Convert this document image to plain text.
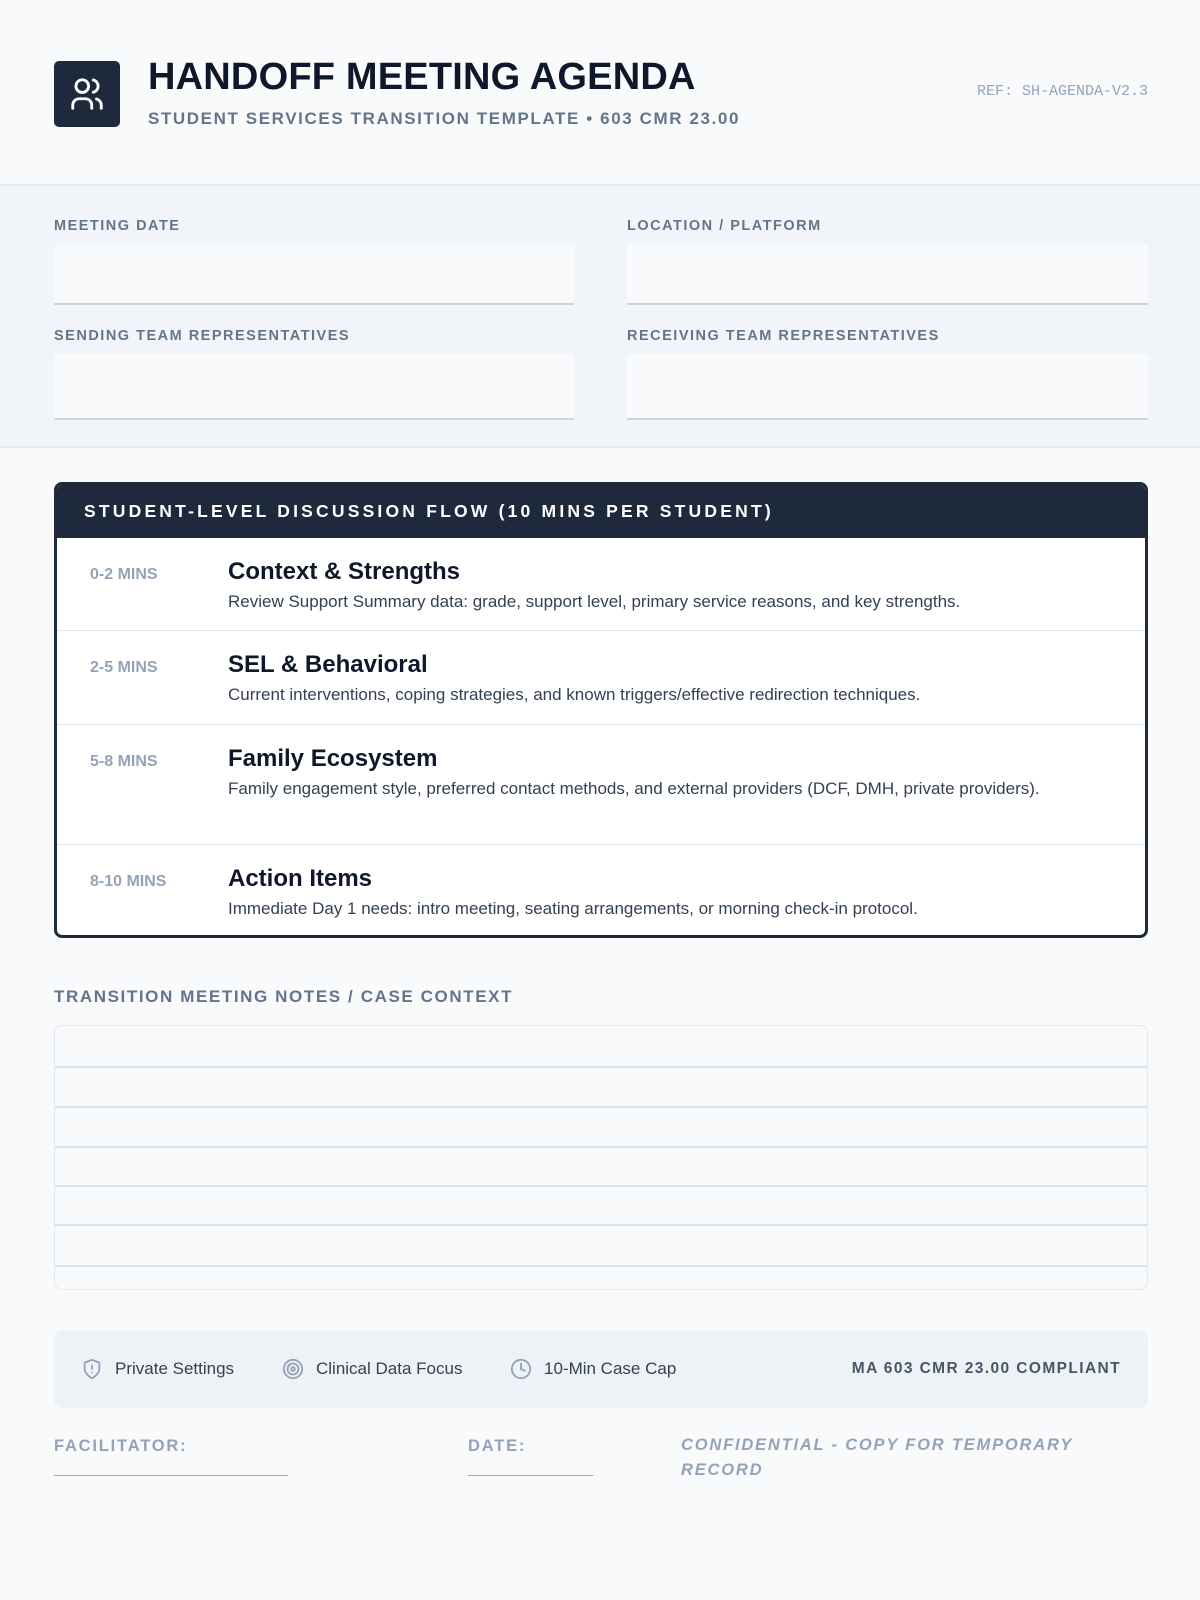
HANDOFF MEETING AGENDA
STUDENT SERVICES TRANSITION TEMPLATE • 603 CMR 23.00
REF: SH-AGENDA-V2.3
MEETING DATE	LOCATION / PLATFORM
SENDING TEAM REPRESENTATIVES	RECEIVING TEAM REPRESENTATIVES
STUDENT-LEVEL DISCUSSION FLOW (10 MINS PER STUDENT)
0-2 MINS	Context & Strengths
Review Support Summary data: grade, support level, primary service reasons, and key strengths.
2-5 MINS	SEL & Behavioral
Current interventions, coping strategies, and known triggers/effective redirection techniques.
5-8 MINS	Family Ecosystem
Family engagement style, preferred contact methods, and external providers (DCF, DMH, private providers).
8-10 MINS	Action Items
Immediate Day 1 needs: intro meeting, seating arrangements, or morning check-in protocol.
TRANSITION MEETING NOTES / CASE CONTEXT
Private Settings	Clinical Data Focus	10-Min Case Cap	MA 603 CMR 23.00 COMPLIANT
FACILITATOR:
____________________________
DATE:
_______________
CONFIDENTIAL - COPY FOR TEMPORARY RECORD
